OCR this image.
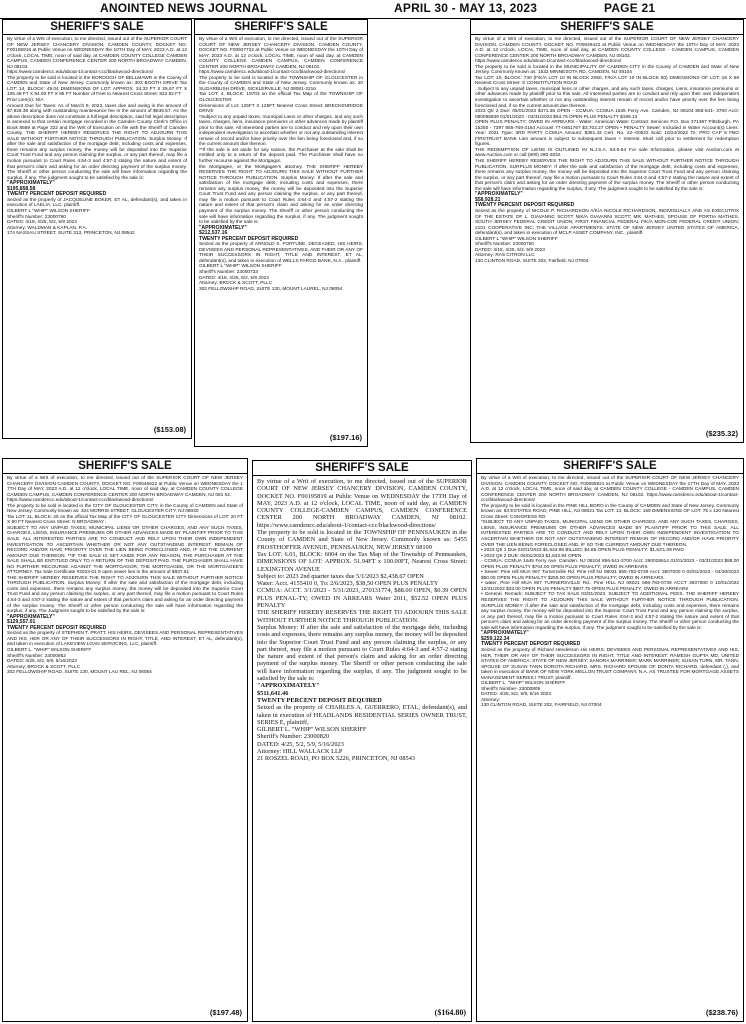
ANOINTED NEWS JOURNAL	APRIL 30 - MAY 13, 2023	PAGE 21
SHERIFF'S SALE

By virtue of a Writ of execution, to me directed, issued out of the SUPERIOR COURT OF NEW JERSEY CHANCERY DIVISION, CAMDEN COUNTY, DOCKET NO. F00185918 at Public Venue on WEDNESDAY the 10TH Day of MAY, 2023 A.D. at 12 o'clock, LOCAL TIME, noon of said day, at CAMDEN COUNTY COLLEGE CAMDEN CAMPUS, CAMDEN CONFERENCE CENTER 200 NORTH BROADWAY CAMDEN, NJ 08102.

https://www.camdencc.edu/about-1/contact-ccc/blackwood-directions/

The property to be sold is located in the BOROUGH OF BELLMAWR in the County of CAMDEN and State of New Jersey. Commonly known as: 303 BOOTH DRIVE Tax LOT: 14, BLOCK: 49.04 DIMENSIONS OF LOT: APPROX. 34.33 FT X 25.67 FT X 105.48 FT X 94.93 FT X 95 FT Number of Feet to Nearest Cross Street: 822.82 FT

Prior Lien(s): N/A

Amount Due for Taxes: As of March 9, 2023, taxes due and owing in the amount of $7,928.38 along with outstanding maintenance fee in the amount of $639.57. As the above description does not constitute a full legal description, said full legal description is annexed to that certain mortgage recorded in the Camden County Clerk's Office in Book 8569 at Page 322 and the Writ of Execution on file with the Sheriff of Camden County. THE SHERIFF HEREBY RESERVES THE RIGHT TO ADJOURN THIS SALE WITHOUT FURTHER NOTICE THROUGH PUBLICATION. Surplus Money: If after the sale and satisfaction of the mortgage debt, including costs and expenses, there remains any surplus money, the money will be deposited into the Superior Court Trust Fund and any person claiming the surplus, or any part thereof, may file a motion pursuant to Court Rules 4:64-3 and 4:57-2 stating the nature and extent of that person's claim and asking for an order directing payment of the surplus money. The Sheriff or other person conducting the sale will have information regarding the surplus, if any. The judgment sought to be satisfied by the sale is:

"APPROXIMATELY"

$195,858.58

TWENTY PERCENT DEPOSIT REQUIRED

Seized as the property of JACQUELINE BOKER, ET AL, defendant(s), and taken in execution of LAELIA, LLC, plaintiff.

GILBERT L "WHIP" WILSON SHERIFF

Sheriff's Number: 23000790

DATED: 4/18, 4/25, 5/2, 5/9 2023

Attorney: WALDMAN & KAPLAN, P.A.

174 NASSAU STREET, SUITE 313, PRINCETON, NJ 08542

($153.08)
SHERIFF'S SALE

By virtue of a Writ of execution, to me directed, issued out of the SUPERIOR COURT OF NEW JERSEY CHANCERY DIVISION, CAMDEN COUNTY, DOCKET NO. F00927722 at Public Venue on WEDNESDAY the 10TH Day of MAY, 2023 A.D. at 12 o'clock, LOCAL TIME, noon of said day, at CAMDEN COUNTY COLLEGE CAMDEN CAMPUS, CAMDEN CONFERENCE CENTER 200 NORTH BROADWAY CAMDEN, NJ 08102.

https://www.camdencc.edu/about-1/contact-ccc/blackwood-directions/

The property to be sold is located in the TOWNSHIP OF GLOUCESTER in the County of CAMDEN and State of New Jersey. Commonly known as: 20 SUGARBUSH DRIVE, SICKLERVILLE, NJ 08081-3216

Tax LOT: 4, BLOCK: 19703 on the official Tax Map of the TOWNSHIP OF GLOUCESTER

Dimensions of Lot: 125FT X 125FT Nearest Cross Street: BRECKENRIDGE DRIVE

*Subject to any unpaid taxes, municipal Liens or other charges, and any such taxes, charges, liens, insurance premiums or other advances made by plaintiff prior to this sale. All interested parties are to conduct and rely upon their own independent investigation to ascertain whether or not any outstanding interest remain of record and/or have priority over the lien being foreclosed and, if so the current amount due thereon.

**If the sale is set aside for any reason, the Purchaser at the sale shall be entitled only to a return of the deposit paid. The Purchaser shall have no further recourse against the Mortgagor,

the Mortgagee, or the Mortgagee's attorney. THE SHERIFF HEREBY RESERVES THE RIGHT TO ADJOURN THIS SALE WITHOUT FURTHER NOTICE THROUGH PUBLICATION. Surplus Money: If after the sale and satisfaction of the mortgage debt, including costs and expenses, there remains any surplus money, the money will be deposited into the Superior Court Trust Fund and any person claiming the surplus, or any part thereof, may file a motion pursuant to Court Rules 4:64-3 and 4:57-2 stating the nature and extent of that person's claim and asking for an order directing payment of the surplus money. The Sheriff or other person conducting the sale will have information regarding the surplus, if any. The judgment sought to be satisfied by the sale is:

"APPROXIMATELY"

$212,537.16

TWENTY PERCENT DEPOSIT REQUIRED

Seized as the property of ARNOLD S. FORTUNE, DECEASED, HIS HEIRS, DEVISEES AND PERSONAL REPRESENTATIVES, AND THEIR OR ANY OF THEIR SUCCESSORS IN RIGHT, TITLE AND INTEREST, ET AL, defendant(s), and taken in execution of WELLS FARGO BANK, N.A., plaintiff.

GILBERT L "WHIP" WILSON SHERIFF

Sheriff's Number: 23000733

DATED: 4/18, 4/25, 5/2, 5/9 2023

Attorney: BROCK & SCOTT, PLLC

302 FELLOWSHIP ROAD, SUITE 130, MOUNT LAUREL, NJ 08054

($197.16)
SHERIFF'S SALE

By virtue of a Writ of execution, to me directed, issued out of the SUPERIOR COURT OF NEW JERSEY CHANCERY DIVISION, CAMDEN COUNTY, DOCKET NO. F00849422 at Public Venue on WEDNESDAY the 10TH Day of MAY, 2023 A.D. at 12 o'clock, LOCAL TIME, noon of said day, at CAMDEN COUNTY COLLEGE - CAMDEN CAMPUS, CAMDEN CONFERENCE CENTER 200 NORTH BROADWAY CAMDEN, NJ 08102.

https://www.camdencc.edu/about-1/contact-ccc/blackwood-directions/

The property to be sold is located in the MUNICIPALITY OF CAMDEN CITY in the County of CAMDEN and State of New Jersey. Commonly known as: 1532 MINNESOTA RD, CAMDEN, NJ 08104

Tax LOT: 10, BLOCK: 730 (F/K/A LOT 10 IN BLOCK 2050, F/K/A LOT 10 IN BLOCK 50) DIMENSIONS OF LOT: 18 X 69 Nearest Cross Street: S CONSTITUTION ROAD

. Subject to any unpaid taxes, municipal liens or other charges, and any such taxes, charges, Liens, insurance premiums or other advances made by plaintiff prior to this sale. All interested parties are to conduct and rely upon their own independent investigation to ascertain whether or not any outstanding interest remain of record and/or have priority over the lien being foreclosed and, if so the current amount due thereon.

2023 Qtr 2 Due: 05/01/2023 $471.38 OPEN - CCMUA: CCMUA 1645 Ferry Ave. Camden, NJ 08104 856-541- 3700 Acct: 080095839 01/01/2023 - 03/31/2023 $54.75 OPEN PLUS PENALTY $199.13

OPEN PLUS PENALTY; OWED IN ARREARS - Water: American Water Contract Services P.O. Box 371397 Pittsburgh, PA 15250 - 7397 855-769-3164 Account 77-046176? $3,702.27 OPEN • PENALTY Sewer: Included in Water Account(s) Liens: Year: 2021 Type: 3RD PARTY CCMUA Amount: $381.42 Cert. No. 22--00522 Sold: 10/24/2022 To: PRO CAP 8 FBO FIRSTRUST BANK Lien amount is subject to subsequent taxes + Interest. Must call prior to settlement for redemption figures.

THE REDEMPTION OF LIENS IS OUTLINED IN N.J.S.A. 54:5-54 For sale Information, please visit Auction.com at www.Auction.com or call (800) 280-2832.

THE SHERIFF HEREBY RESERVES THE RIGHT TO ADJOURN THIS SALE WITHOUT FURTHER NOTICE THROUGH PUBLICATION. SURPLUS MONEY: If after the sale and satisfaction of the mortgage debt, including costs and expenses, there remains any surplus money, the money will be deposited into the Superior Court Trust Fund and any person claiming the surplus, or any part thereof, may file a motion pursuant to Court Rules 4:64-3 and 4:57-2 stating the nature and extent of that person's claim and asking for an order directing payment of the surplus money. The Sheriff or other person conducting the sale will have information regarding the surplus, if any. The judgment sought to be satisfied by the sale is:

"APPROXIMATELY"

$58,928.21

TWENTY PERCENT DEPOSIT REQUIRED

Seized as the property of NICOLE P. RICHARDSON A/K/A NICOLE RICHARDSON, INDIVIDUALLY AND AS EXECUTRIX OF THE ESTATE OF L. GIAVANNC SCOTT N/K/A GIAVANNI SCOTT; MR. MATHES, SPOUSE OF PORTIA MATHES, SOUTH JERSEY FEDERAL CREDIT UNION; FIRST FINANCIAL FEDERAL F/K/A MON-COE FEDERAL CREDIT UNION; 2101 COOPERATIVE INC; THE VILLAGE APARTMENTS; STATE OF NEW JERSEY UNITED STATES OF AMERICA, defendant(s), and taken in execution of MCLP ASSET COMPANY, INC., plaintiff.

GILBERT L "WHIP" WILSON SHERIFF

Sheriff's Number: 23000750

DATED: 4/18, 4/25, 5/2, 5/9 2023

Attorney: RAS CITRON LLC

130 CLINTON ROAD, SUITE 202, Fairfield, NJ 07004

($235.32)
SHERIFF'S SALE

By virtue of a Writ of execution, to me directed, issued out of the SUPERIOR COURT OF NEW JERSEY CHANCERY DIVISION CAMDEN COUNTY, DOCKET NO. F00646622 at Public Venue on WEDNESDAY the 1 7TH Day of MAY, 2023 A.D. at 12 o'clock, LOCAL TIME, noon of said day, at CAMDEN COUNTY COLLEGE CAMDEN CAMPUS, CAMDEN CONFERENCE CENTER 200 NORTH BROADWAY CAMDEN, NJ 081 02.

https://www.camdencc.edu/about-1/contact-ccc/blackwood-directions/

The property to be sold is located in the CITY OF GLOUCESTER CITY, in the County of CAMDEN and State of New Jersey. Commonly known as: 324 MORRIS STREET, GLOUCESTER CITY, NJ 08030

Tax LOT: 11, BLOCK: 25 on the official Tax Map of the CITY OF GLOUCESTER CITY Dimensions of LOT: 20 FT X 90 FT Nearest Cross Street: N BROADWAY .

SUBJECT TO ANY UNPAID TAXES, MUNICIPAL LIENS OR OTHER CHARGES, AND ANY SUCH TAXES, CHARGES, LIENS, INSURANCE PREMIUMS OR OTHER ADVANCES MADE BY PLAINTIFF PRIOR TO THIS SALE. ALL INTERESTED PARTIES ARE TO CONDUCT AND RELY UPON THEIR OWN INDEPENDENT INVESTIGATION TO ASCERTAIN WHETHER OR NOT ANY OUTSTANDING INTEREST REMAIN OF RECORD AND/OR HAVE PRIORITY OVER THE LIEN BEING FORECLOSED AND, IF SO THE CURRENT AMOUNT DUE THEREON. **IF THE SALE IS SET ASIDE FOR ANY REASON, THE PURCHASER AT THE SALE SHALL BE ENTITLED ONLY TO A RETURN OF THE DEPOSIT PAID. THE PURCHASER SHALL HAVE NO FURTHER RECOURSE AGAINST THE MORTGAGOR, THE MORTGAGEE, OR THE MORTGAGEE'S ATTORNEY. Tax Sale Certificate #2023-01 9 open sewer lien in the amount of $937.81

THE SHERIFF HEREBY RESERVES THE RIGHT TO ADJOURN THIS SALE WITHOUT FURTHER NOTICE THROUGH PUBLICATION. Surplus Money: If after the sale and satisfaction of the mortgage debt, including costs and expenses, there remains any surplus money, the money will be deposited into the Superior Court Trust Fund and any person claiming the surplus, or any part thereof, may file a motion pursuant to Court Rules 4:64-3 and 4:57-2 stating the nature and extent of that person's claim and asking for an order directing payment of the surplus money. The Sheriff or other person conducting the sale will have information regarding the surplus, if any. The Judgment sought to be satisfied by the sale is:

"APPROXIMATELY"

$129,557.01

TWENTY PERCENT DEPOSIT REQUIRED

Seized as the property of STEPHEN T. PRATT, HIS HEIRS, DEVISEES AND PERSONAL REPRESENTATIVES AND HIS, HER OR ANY OF THEIR SUCCESSORS IN RIGHT, TITLE, AND INTEREST, ET AL, defendant(s), and taken in execution of LAKEVIEW LOAN SERVICING, LLC, plaintiff.

GILBERT L. "WHIP" WILSON SHERIFF

Sheriff's Number: 23000862

DATED: 4/25, 5/2, 5/9, 5/16/2023

Attorney: BROCK & SCOTT, PLLC

302 FELLOWSHIP ROAD, SUITE 130, MOUNT LAU REL, NJ 08054

($197.48)
SHERIFF'S SALE

By virtue of a Writ of execution, to me directed, issued out of the SUPERIOR COURT OF NEW JERSEY CHANCERY DIVISION, CAMDEN COUNTY, DOCKET NO. F00195819 at Public Venue on WEDNESDAY the 17TH Day of MAY, 2023 A.D. at 12 o'clock, LOCAL TIME, noon of said day, at CAMDEN COUNTY COLLEGE-CAMDEN CAMPUS, CAMDEN CONFERENCE CENTER 200 NORTH BROADWAY CAMDEN, NJ 08102. https://www.camdencc.edu/about-1/contact-ccc/blackwood-directions/

The property to be sold is located in the TOWNSHIP OF PENNSAUKEN in the County of CAMDEN and State of New Jersey. Commonly known as: 5455 FROSTHOFFER AVENUE, PENNSAUKEN, NEW JERSEY 08109

Tax LOT: 6.01, BLOCK: 6004 on the Tax Map of the Township of Pennsauken, DIMENSIONS OF LOT: APPROX. 51.94FT x 100.00FT, Nearest Cross Street: LEXINGTON AVENUE

Subject to: 2023 2nd quarter taxes due 5/1/2023 $2,438.67 OPEN

Water: Acct. 4155410 0, To: 2/6/2023, $38,50 OPEN PLUS PENALTY

CCMUA: ACCT. 3/1/2023 - 5/31/2023, 270131774, $88.00 OPEN, $0.39 OPEN PLUS PENAL-TY; OWED IN ARREARS Water 2011, $52.52 OPEN PLUS PENALTY

THE SHERIFF HEREBY RESERVES THE RIGHT TO ADJOURN THIS SALE WITHOUT FURTHER NOTICE THROUGH PUBLICATION.

Surplus Money: If after the sale and satisfaction of the mortgage debt, including costs and expenses, there remains any surplus money, the money will be deposited into the Superior Court Trust Fund and any person claiming the surplus, or any part thereof, may file a motion pursuant to Court Rules 4:64-3 and 4:57-2 stating the nature and extent of that person's claim and asking for an order directing payment of the surplus money. The Sheriff or other person conducting the sale will have information regarding the surplus, if any. The judgment sought to be satisfied by the sale is:

"APPROXIMATELY"

$511,641.46

TWENTY PERCENT DEPOSIT REQUIRED

Seized as the property of CHARLES A. GUERRERO, ETAL, defendant(s), and taken in execution of HEADLANDS RESIDENTIAL SERIES OWNER TRUST, SERIES E, plaintiff,

GILBERT L. "WHIP" WILSON SHERIFF

Sheriff's Number: 23000820

DATED: 4/25, 5/2, 5/9, 5/16/2023

Attorney: HILL WALLACK LLP

21 ROSZEL ROAD, PO BOX 5226, PRINCETON, NJ 08543

($164.80)
SHERIFF'S SALE

By virtue of a Writ of execution, to me directed, issued out of the SUPERIOR COURT OF NEW JERSEY CHANCERY DIVISION. CAMDEN COUNTY. DOCKET NO. F00655921 at Public Venue on WEDNESDAY the 17TH Day of MAY, 2023 A.D. at 12 o'clock, LOCAL TIME, noon of said day, at CAMDEN COUNTY COLLEGE - CAMDEN CAMPUS, CAMDEN CONFERENCE CENTER 200 NORTH BROADWAY CAMDEN, NJ 08102. https://www.camdencc.edu/about-1/contact-ccc/blackwood-directions/

The property to be sold is located in the PINE HILL BORO in the County of CAMDEN and State of New Jersey. Commonly known as: 83 ESTATES ROAD, PINE HILL, NJ 08021 Tax LOT: 14, BLOCK: 159 DIMENSIONS OF LOT: 75 x 120 Nearest Cross Street: CONGRESS RD

"SUBJECT TO ANY UNPAID TAXES, MUNICIPAL LIENS OR OTHER CHARGES, AND ANY SUCH TAXES, CHARGES, LIENS, INSURANCE PREMIUMS OR OTHER ADVANCES MADE BY PLAINTIFF PRIOR TO THIS SALE. ALL INTERESTED PARTIES ARE TO CONDUCT AND RELY UPON THEIR OWN INDEPENDENT INVESTIGATION TO ASCERTAIN WHETHER OR NOT ANY OUTSTANDING INTEREST REMAIN OF RECORD AND/OR HAVE PRIORITY OVER THE LIEN BEING FORECLOSED AND, IF SO THE CURRENT AMOUNT DUE THEREON.

• 2023 Qtr 1 Due 02/01/2023 $1,643.95 BILLED; $4.86 OPEN PLUS PENALTY: $1,63'1.09 PAID

• 2023 Qtr 2 DUE: 05/01/2023 $1,643.94 OPEN

- CCMUA: CCMUA 1645 Ferry Ave. Camden. NJ 08104 856-541-3700 Acct: 260028614 01/01/2023 - 03/31/2023 $88.00 OPEN PLUS PENALTY $704.00 OPEN PLUS PENALTY; OWED IN ARREARS

• Sewer: Pine Hill MUA 907 Turnersville Rd. Pine Hill NJ 08021 856-783-0739 Acct: 3607000 0 02/01/2023 - 04/30/2023 $50.00 OPEN PLUS PENALTY $250.00 OPEN PLUS PENALTY; OWED IN ARREARS

• water, Pine Hill MUA 907 TURNERSVILLE Rd.. Pine HILL NJ 08021 656-783-0739 ACCT 3607000 0 10/01/2022 12/31/2022 $33.00 OPEN PLUS PENALTY $607.75 OPEN PLUS PENALTY; OWED IN ARREARS

• General. Remark: SUBJECT TO TAX SALE 03/31/2023. SUBJECT TO ADDITIONAL FEES. THE SHERIFF HEREBY RESERVES THE RIGHT TO ADJOURN THIS SALE WITHOUT FURTHER NOTICE THROUGH PUBLICATION. SURPLUS MONEY: if after the sale and satisfaction of the mortgage debt, including costs and expenses, there remains any surplus money, the money will be deposited into the Superior Court Trust Fund and any person claiming the surplus, or any part thereof, may file a motion pursuant to Court Rules 4:64-3 and 4:57-2 stating the nature and extent of that person's claim and asking for an order directing payment of the surplus money. The Sheriff or other person conducting the sale will have information regarding the surplus, if any. The judgment sought to be satisfied by the sale is:

"APPROXIMATELY"

$259,122.34

TWENTY PERCENT DEPOSIT REQUIRED

Seized as the property of Richard Henderson His HEIRS. DEVISEES AND PERSONAL REPRESENTATIVES AND HIS, HER, THEIR OR ANY OF THEIR SUCCESSORS IN RIGHT, TITLE AND INTEREST: RAMESH GUPTA MD; UNITED STATES OF AMERICA; STATE OF NEW JERSEY; SANORA MARRINER; MARK MARRINER; SUSAN TURN, MR. TANN, SPOUSE OF SUSAN TANN DOROTA RICHARD, MRS. RICHARD SPOUSE OF DONTA RICHARD, defendant (,), and taken in execution of BANK OF NEW YORK MELLON TRUST COMPANY, N.A. AS TRUSTEE FOR MORTGAGE ASSETS MANAGEMENT SERIES I TRUST, plaintiff.

GILBERT L. "WHIP" WILSON SHERIFF

Sheriff's Number- 23000809

DATED: 4/25, 5/2, 5/9, 5/16 2023

Attorney:

130 CLINTON ROAD, SUITE 202, FAIRFIELD, NJ 07004

($238.76)
